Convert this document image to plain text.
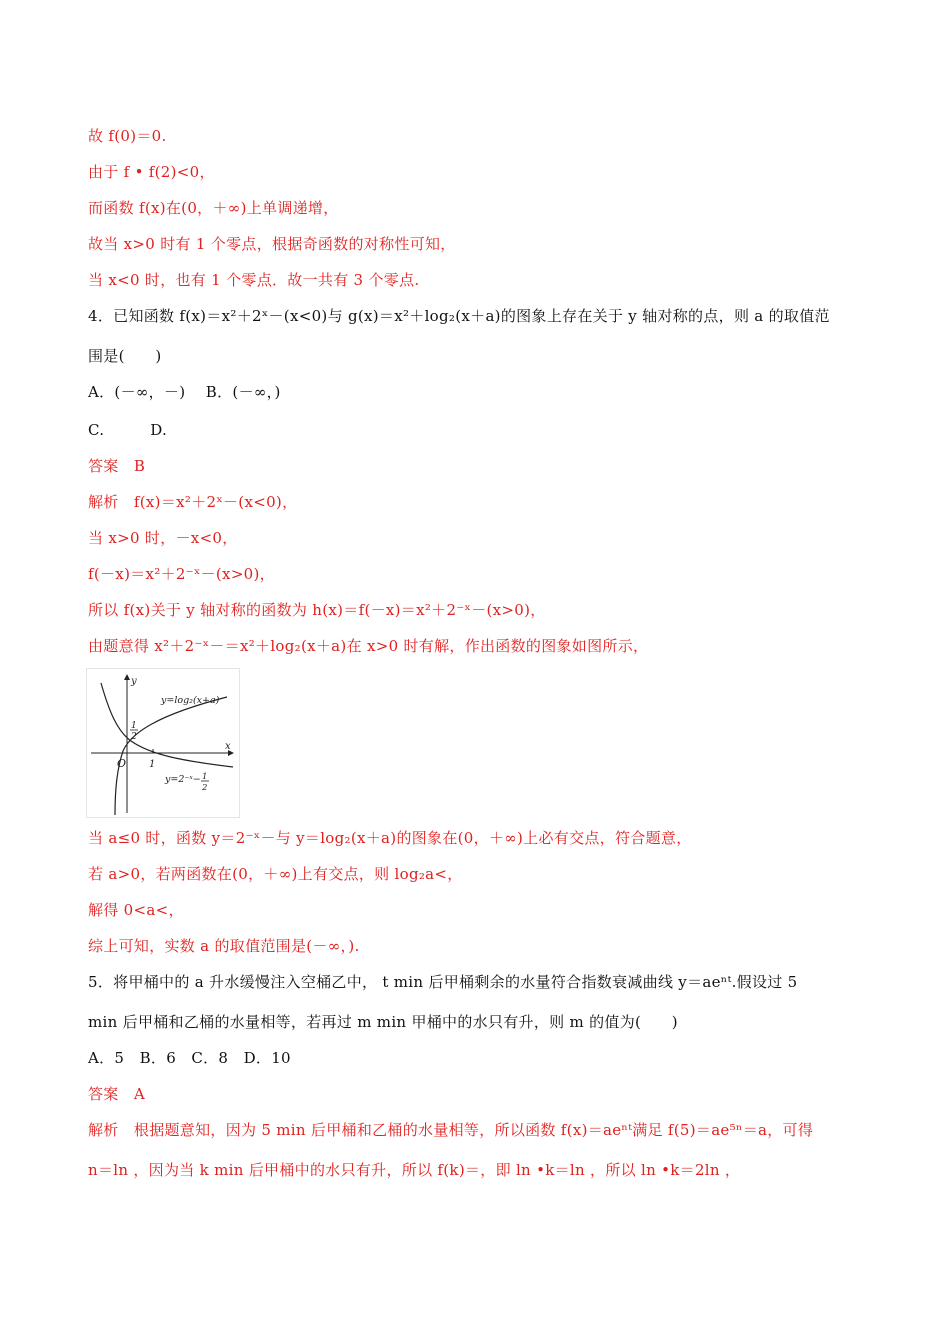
故 f(0)＝0.
由于 f • f(2)<0，
而函数 f(x)在(0，＋∞)上单调递增，
故当 x>0 时有 1 个零点，根据奇函数的对称性可知，
当 x<0 时，也有 1 个零点．故一共有 3 个零点.
4．已知函数 f(x)＝x²＋2ˣ－(x<0)与 g(x)＝x²＋log₂(x＋a)的图象上存在关于 y 轴对称的点，则 a 的取值范
围是(　　)
A．(－∞，－)　 B．(－∞，)
C.　　　D.
答案　B
解析　f(x)＝x²＋2ˣ－(x<0)，
当 x>0 时，－x<0，
f(－x)＝x²＋2⁻ˣ－(x>0)，
所以 f(x)关于 y 轴对称的函数为 h(x)＝f(－x)＝x²＋2⁻ˣ－(x>0)，
由题意得 x²＋2⁻ˣ－＝x²＋log₂(x＋a)在 x>0 时有解，作出函数的图象如图所示，
y
x
O 1
1
2
y=log₂(x+a)
y=2⁻ˣ− 1
2
当 a≤0 时，函数 y＝2⁻ˣ－与 y＝log₂(x＋a)的图象在(0，＋∞)上必有交点，符合题意，
若 a>0，若两函数在(0，＋∞)上有交点，则 log₂a<，
解得 0<a<，
综上可知，实数 a 的取值范围是(－∞，).
5．将甲桶中的 a 升水缓慢注入空桶乙中， t min 后甲桶剩余的水量符合指数衰减曲线 y＝aeⁿᵗ.假设过 5
min 后甲桶和乙桶的水量相等，若再过 m min 甲桶中的水只有升，则 m 的值为(　　)
A．5　B．6　C．8　D．10
答案　A
解析　根据题意知，因为 5 min 后甲桶和乙桶的水量相等，所以函数 f(x)＝aeⁿᵗ满足 f(5)＝ae⁵ⁿ＝a，可得
n＝ln ，因为当 k min 后甲桶中的水只有升，所以 f(k)＝，即 ln •k＝ln ，所以 ln •k＝2ln ，
